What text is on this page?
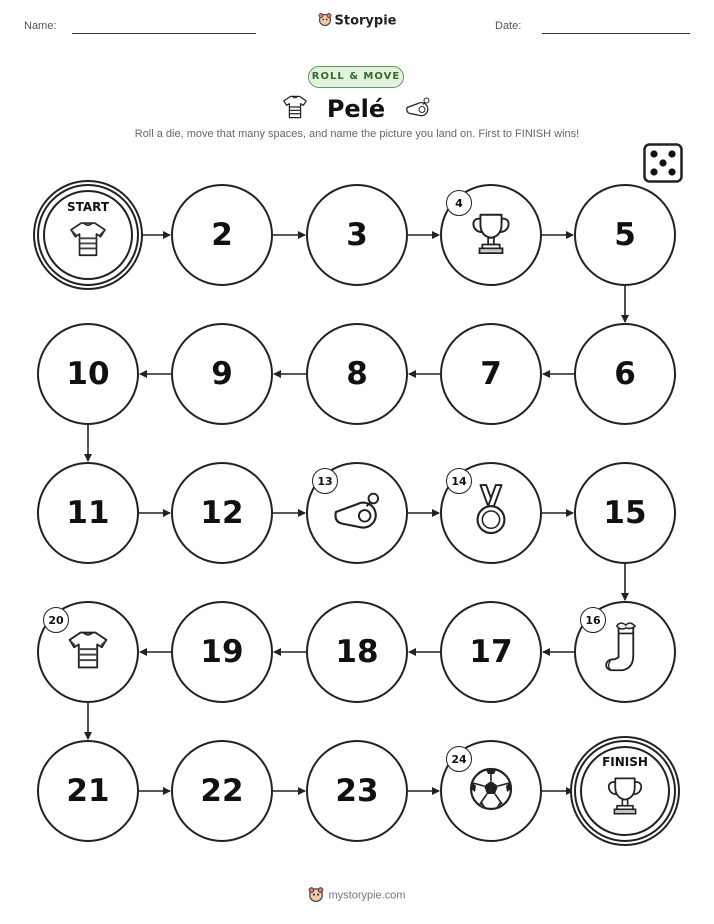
Name:	Storypie	Date:
ROLL & MOVE
Pelé
Roll a die, move that many spaces, and name the picture you land on. First to FINISH wins!
START
2	3
4
5
6
7
8
9
10
11	12
13	14
15
16
17
18
19
20
21	22	23
24	FINISH
mystorypie.com
